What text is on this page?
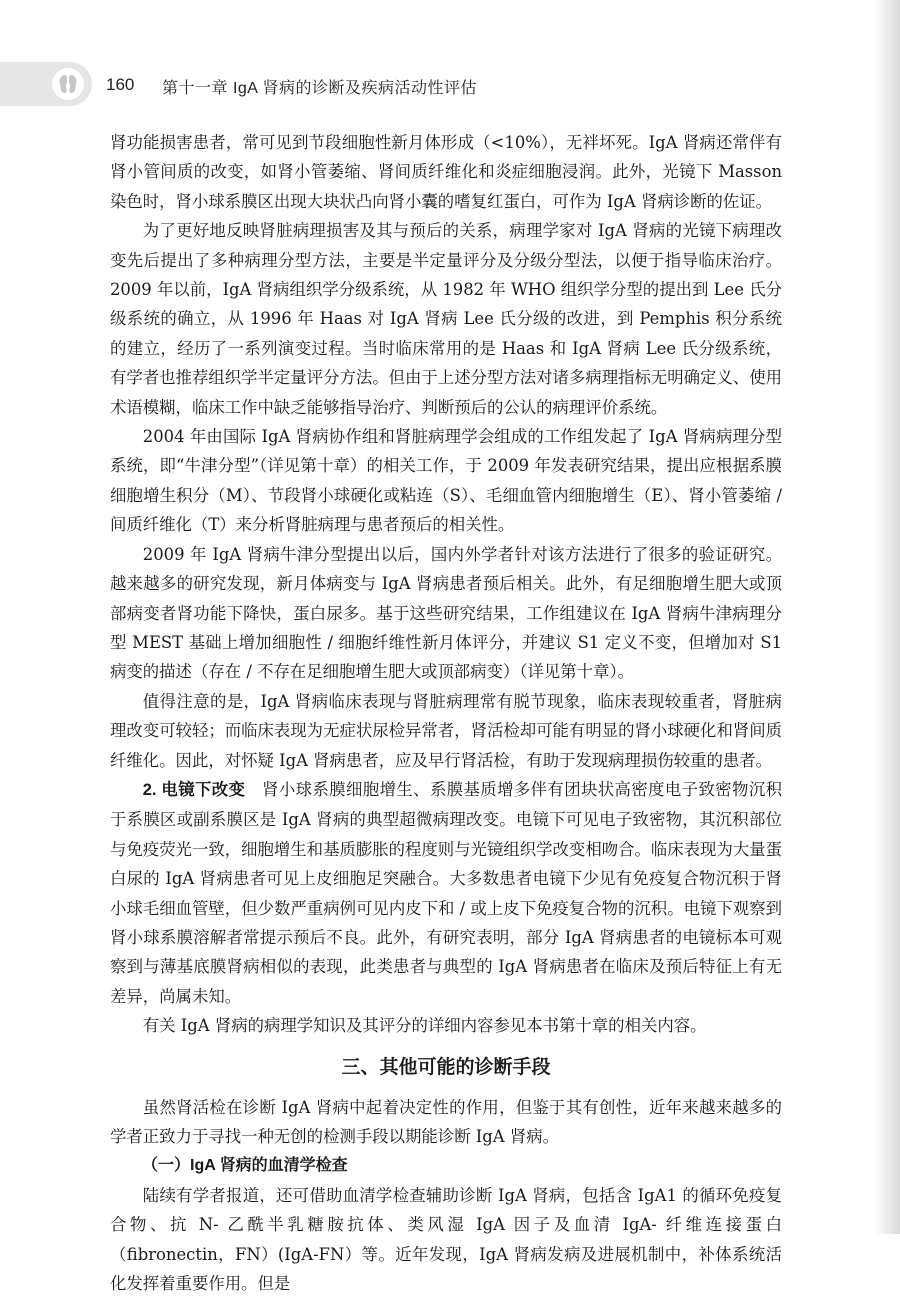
160 第十一章 IgA 肾病的诊断及疾病活动性评估

肾功能损害患者，常可见到节段细胞性新月体形成（<10%），无袢坏死。IgA 肾病还常伴有肾小管间质的改变，如肾小管萎缩、肾间质纤维化和炎症细胞浸润。此外，光镜下 Masson 染色时，肾小球系膜区出现大块状凸向肾小囊的嗜复红蛋白，可作为 IgA 肾病诊断的佐证。

为了更好地反映肾脏病理损害及其与预后的关系，病理学家对 IgA 肾病的光镜下病理改变先后提出了多种病理分型方法，主要是半定量评分及分级分型法，以便于指导临床治疗。2009 年以前，IgA 肾病组织学分级系统，从 1982 年 WHO 组织学分型的提出到 Lee 氏分级系统的确立，从 1996 年 Haas 对 IgA 肾病 Lee 氏分级的改进，到 Pemphis 积分系统的建立，经历了一系列演变过程。当时临床常用的是 Haas 和 IgA 肾病 Lee 氏分级系统，有学者也推荐组织学半定量评分方法。但由于上述分型方法对诸多病理指标无明确定义、使用术语模糊，临床工作中缺乏能够指导治疗、判断预后的公认的病理评价系统。

2004 年由国际 IgA 肾病协作组和肾脏病理学会组成的工作组发起了 IgA 肾病病理分型系统，即“牛津分型”（详见第十章）的相关工作，于 2009 年发表研究结果，提出应根据系膜细胞增生积分（M）、节段肾小球硬化或粘连（S）、毛细血管内细胞增生（E）、肾小管萎缩 / 间质纤维化（T）来分析肾脏病理与患者预后的相关性。

2009 年 IgA 肾病牛津分型提出以后，国内外学者针对该方法进行了很多的验证研究。越来越多的研究发现，新月体病变与 IgA 肾病患者预后相关。此外，有足细胞增生肥大或顶部病变者肾功能下降快，蛋白尿多。基于这些研究结果，工作组建议在 IgA 肾病牛津病理分型 MEST 基础上增加细胞性 / 细胞纤维性新月体评分，并建议 S1 定义不变，但增加对 S1 病变的描述（存在 / 不存在足细胞增生肥大或顶部病变）（详见第十章）。

值得注意的是，IgA 肾病临床表现与肾脏病理常有脱节现象，临床表现较重者，肾脏病理改变可较轻；而临床表现为无症状尿检异常者，肾活检却可能有明显的肾小球硬化和肾间质纤维化。因此，对怀疑 IgA 肾病患者，应及早行肾活检，有助于发现病理损伤较重的患者。

2. 电镜下改变　肾小球系膜细胞增生、系膜基质增多伴有团块状高密度电子致密物沉积于系膜区或副系膜区是 IgA 肾病的典型超微病理改变。电镜下可见电子致密物，其沉积部位与免疫荧光一致，细胞增生和基质膨胀的程度则与光镜组织学改变相吻合。临床表现为大量蛋白尿的 IgA 肾病患者可见上皮细胞足突融合。大多数患者电镜下少见有免疫复合物沉积于肾小球毛细血管壁，但少数严重病例可见内皮下和 / 或上皮下免疫复合物的沉积。电镜下观察到肾小球系膜溶解者常提示预后不良。此外，有研究表明，部分 IgA 肾病患者的电镜标本可观察到与薄基底膜肾病相似的表现，此类患者与典型的 IgA 肾病患者在临床及预后特征上有无差异，尚属未知。

有关 IgA 肾病的病理学知识及其评分的详细内容参见本书第十章的相关内容。

三、其他可能的诊断手段

虽然肾活检在诊断 IgA 肾病中起着决定性的作用，但鉴于其有创性，近年来越来越多的学者正致力于寻找一种无创的检测手段以期能诊断 IgA 肾病。

（一）IgA 肾病的血清学检查

陆续有学者报道，还可借助血清学检查辅助诊断 IgA 肾病，包括含 IgA1 的循环免疫复合物、抗 N- 乙酰半乳糖胺抗体、类风湿 IgA 因子及血清 IgA- 纤维连接蛋白（fibronectin，FN）(IgA-FN）等。近年发现，IgA 肾病发病及进展机制中，补体系统活化发挥着重要作用。但是
